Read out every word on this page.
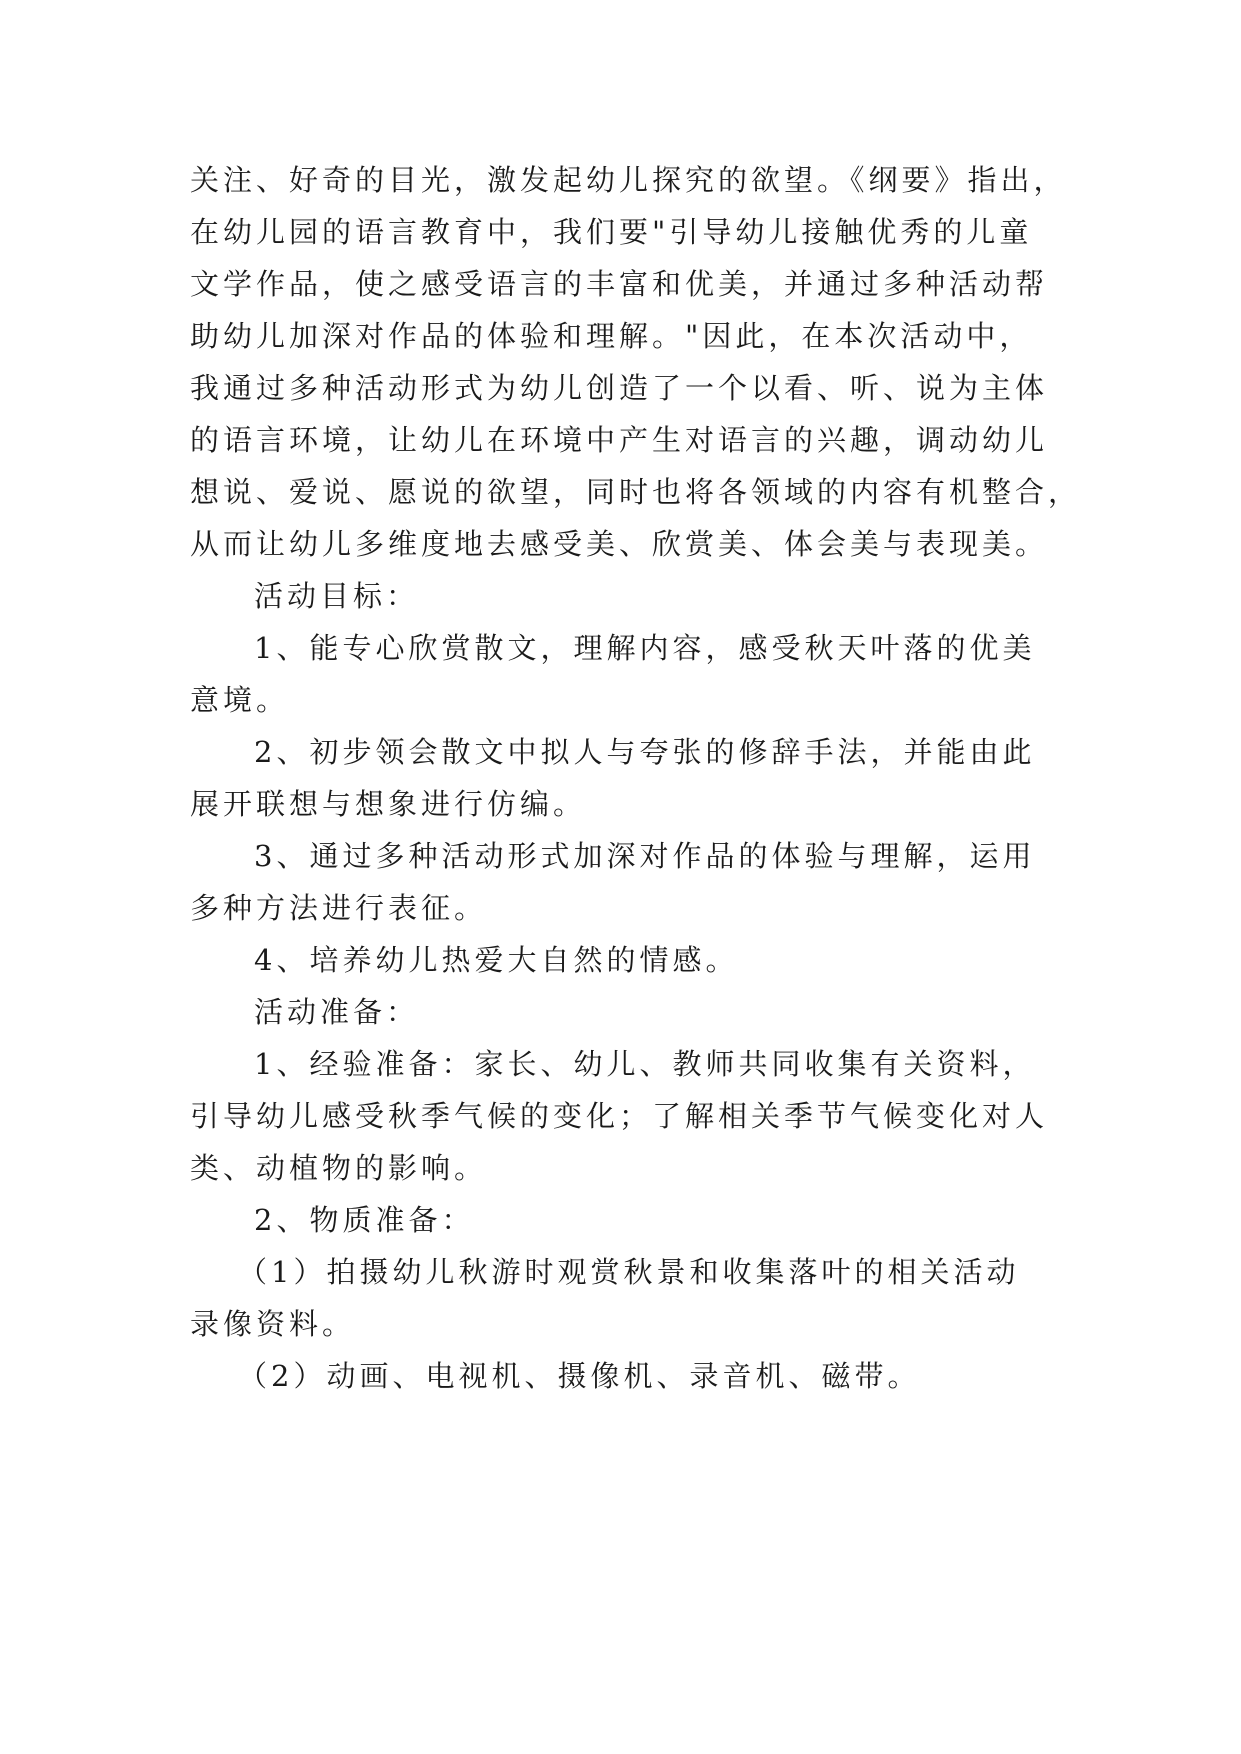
关注、好奇的目光，激发起幼儿探究的欲望。《纲要》指出，
在幼儿园的语言教育中，我们要"引导幼儿接触优秀的儿童
文学作品，使之感受语言的丰富和优美，并通过多种活动帮
助幼儿加深对作品的体验和理解。"因此，在本次活动中，
我通过多种活动形式为幼儿创造了一个以看、听、说为主体
的语言环境，让幼儿在环境中产生对语言的兴趣，调动幼儿
想说、爱说、愿说的欲望，同时也将各领域的内容有机整合，
从而让幼儿多维度地去感受美、欣赏美、体会美与表现美。
活动目标：
1、能专心欣赏散文，理解内容，感受秋天叶落的优美
意境。
2、初步领会散文中拟人与夸张的修辞手法，并能由此
展开联想与想象进行仿编。
3、通过多种活动形式加深对作品的体验与理解，运用
多种方法进行表征。
4、培养幼儿热爱大自然的情感。
活动准备：
1、经验准备：家长、幼儿、教师共同收集有关资料，
引导幼儿感受秋季气候的变化；了解相关季节气候变化对人
类、动植物的影响。
2、物质准备：
（1）拍摄幼儿秋游时观赏秋景和收集落叶的相关活动
录像资料。
（2）动画、电视机、摄像机、录音机、磁带。
